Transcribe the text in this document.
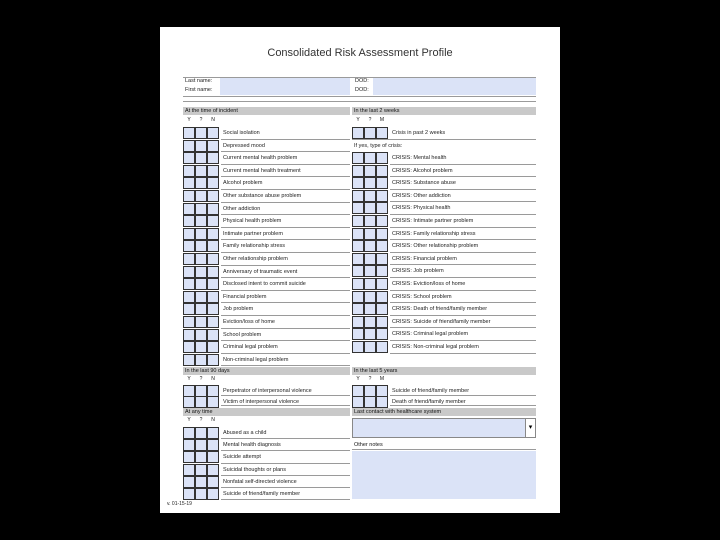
Consolidated Risk Assessment Profile
Last name:
First name:
DOD:
DOD:
At the time of incident	In the last 2 weeks
Y	?	N	Y	?	M
Social isolation
Depressed mood
Current mental health problem
Current mental health treatment
Alcohol problem
Other substance abuse problem
Other addiction
Physical health problem
Intimate partner problem
Family relationship stress
Other relationship problem
Anniversary of traumatic event
Disclosed intent to commit suicide
Financial problem
Job problem
Eviction/loss of home
School problem
Criminal legal problem
Non-criminal legal problem
Crisis in past 2 weeks
If yes, type of crisis:
CRISIS: Mental health
CRISIS: Alcohol problem
CRISIS: Substance abuse
CRISIS: Other addiction
CRISIS: Physical health
CRISIS: Intimate partner problem
CRISIS: Family relationship stress
CRISIS: Other relationship problem
CRISIS: Financial problem
CRISIS: Job problem
CRISIS: Eviction/loss of home
CRISIS: School problem
CRISIS: Death of friend/family member
CRISIS: Suicide of friend/family member
CRISIS: Criminal legal problem
CRISIS: Non-criminal legal problem
In the last 90 days	In the last 5 years
Y	?	N	Y	?	M
Perpetrator of interpersonal violence
Victim of interpersonal violence
Suicide of friend/family member
Death of friend/family member
At any time	Last contact with healthcare system
Y	?	N
Abused as a child
Mental health diagnosis
Suicide attempt
Suicidal thoughts or plans
Nonfatal self-directed violence
Suicide of friend/family member
▾
Other notes
v. 01-15-19
